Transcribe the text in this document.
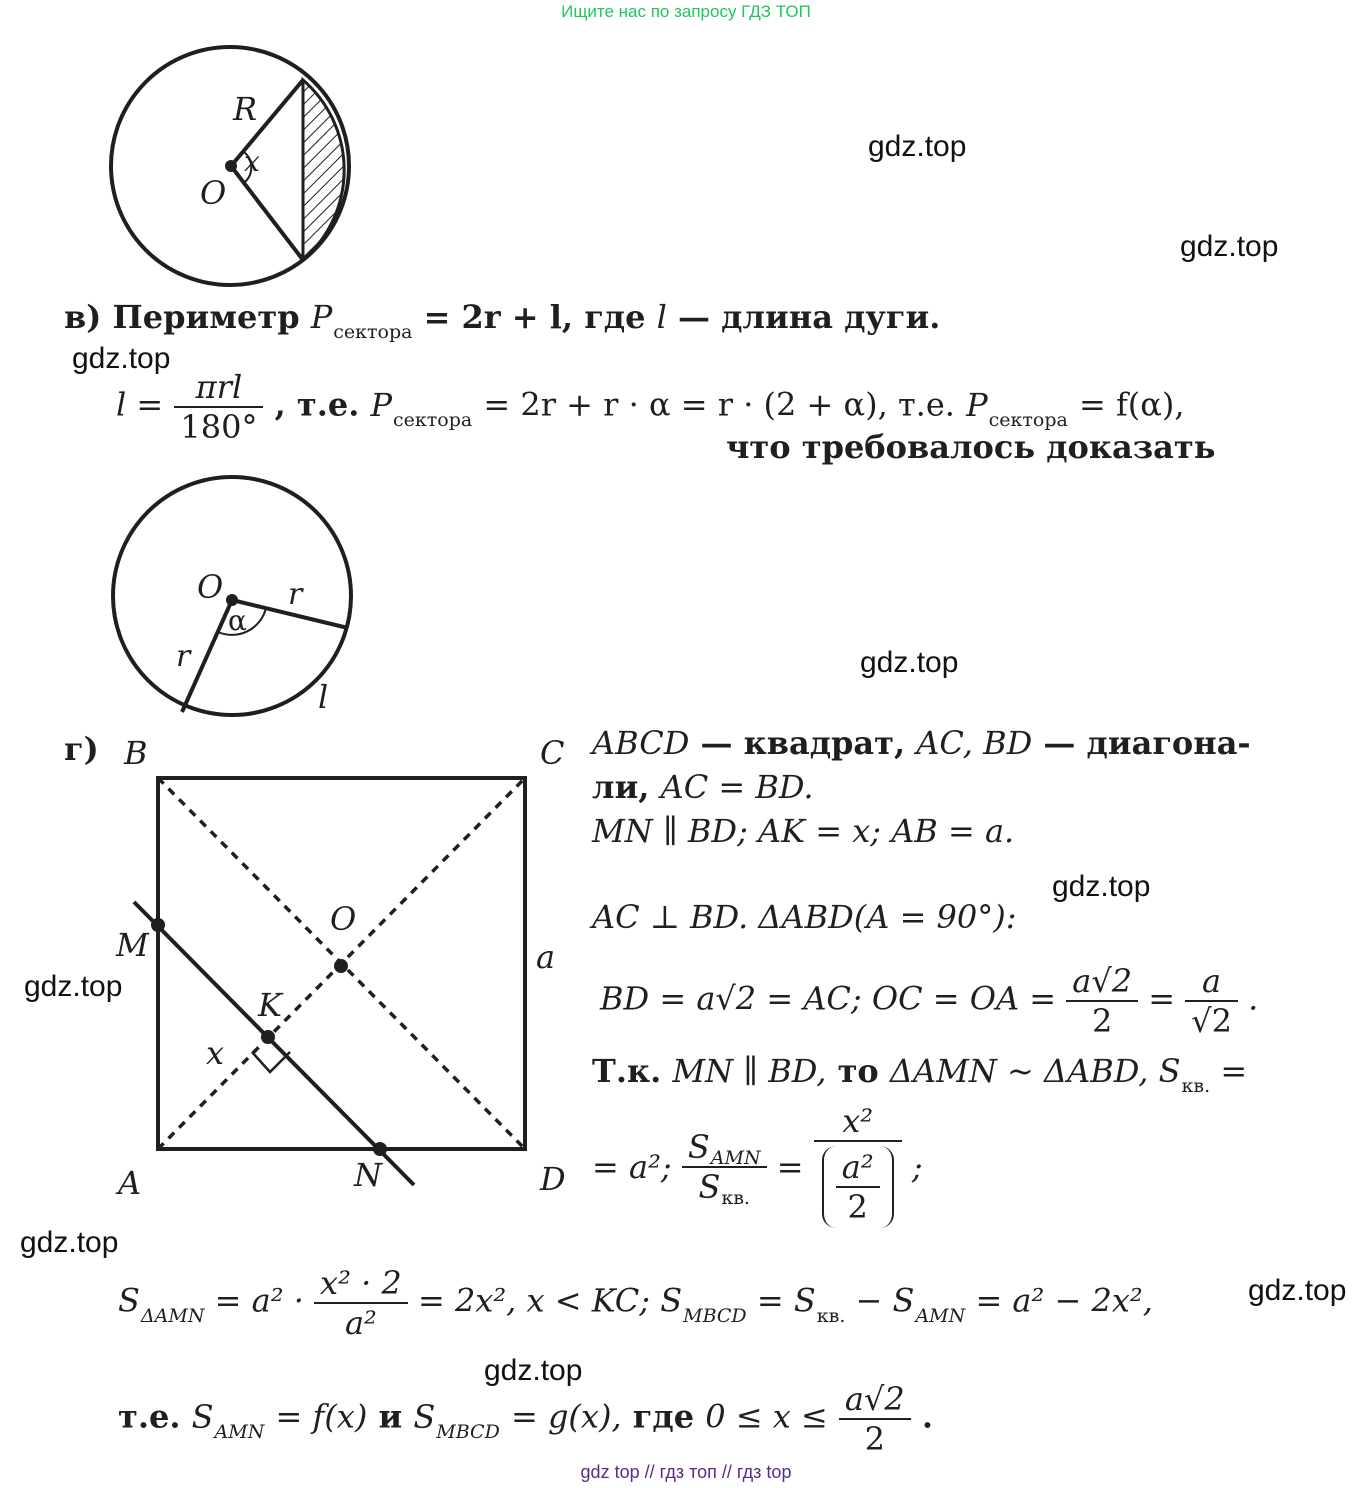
Ищите нас по запросу ГДЗ ТОП
gdz.top
gdz.top
gdz.top
gdz.top
gdz.top
gdz.top
gdz.top
gdz.top
gdz.top
R
O
x
в) Периметр $P_{сектора} = 2r + l$, где l — длина дуги.
$l = \frac{\text{πrl}}{180^\circ}$ , т.е. $P_{сектора} = 2r + r \cdot \alpha = r \cdot (2 + \alpha)$, т.е. $P_{сектора} = f(\alpha)$,
что требовалось доказать
O r
r
α
l
г) B	C
A	D
M
N
O
K
x
a
ABCD — квадрат, AC, BD — диагона-
ли, AC = BD.
MN ∥ BD; AK = x; AB = a.
AC ⊥ BD. ΔABD(A = 90°):
BD = a√2 = AC; OC = OA = $\frac{a√2}{2} = \frac{a}{√2}$ .
Т.к. MN ∥ BD, то ΔAMN ~ ΔABD, $S_{кв.}$ =
= a²; $\frac{\text{SAMN}}{\text{Sкв.}} = \frac{\text{x²}}{\frac{\text{a²}}{2}}$ ;
$S_{\Delta AMN} = a^2 \cdot \frac{\text{x² · 2}}{\text{a²}} = 2x^2$, x < KC; $S_{MBCD} = S_{кв.} - S_{AMN} = a^2 - 2x^2$,
т.е. $S_{AMN} = f(x)$ и $S_{MBCD} = g(x)$, где $0 \le x \le \frac{a√2}{2}$ .
gdz top // гдз топ // гдз top
